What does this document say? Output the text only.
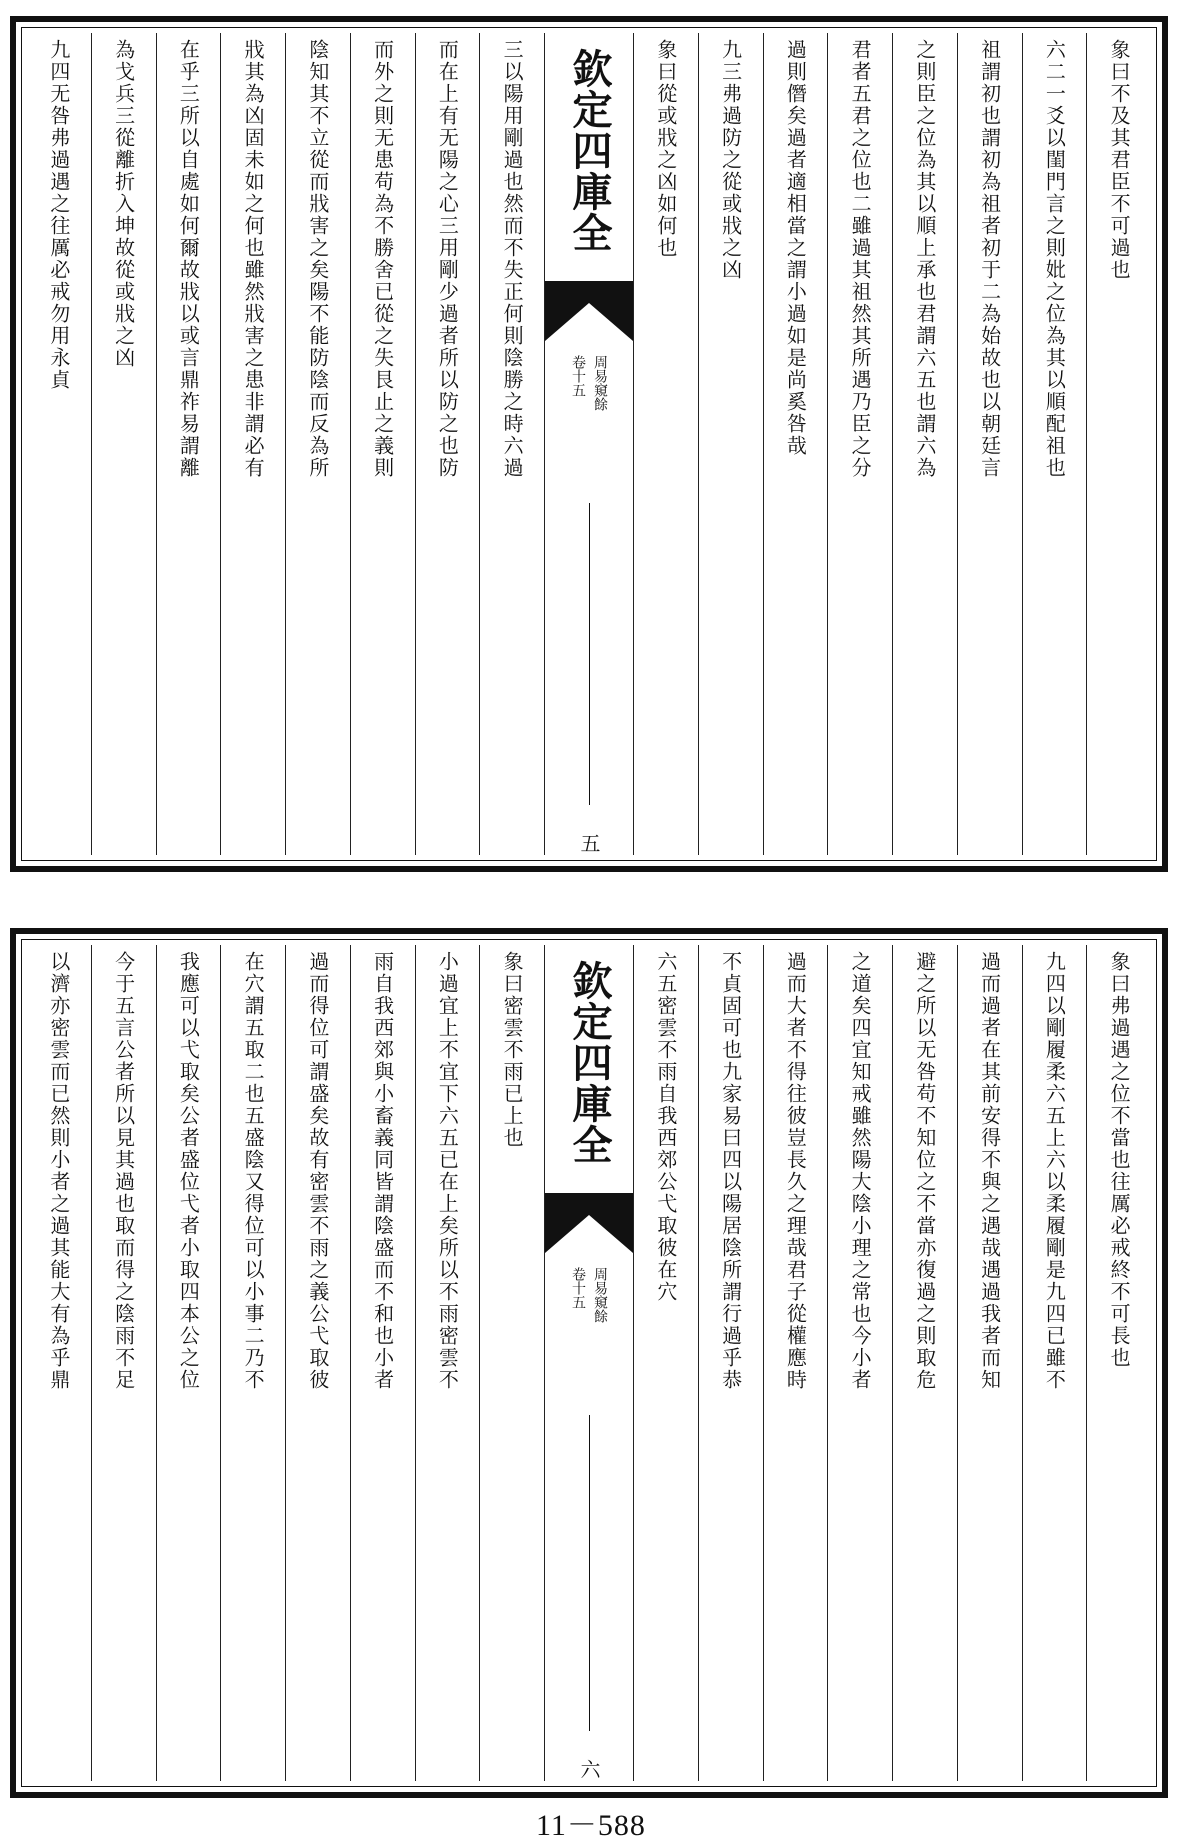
象曰不及其君臣不可過也
六二一爻以閨門言之則妣之位為其以順配祖也
祖謂初也謂初為祖者初于二為始故也以朝廷言
之則臣之位為其以順上承也君謂六五也謂六為
君者五君之位也二雖過其祖然其所遇乃臣之分
過則僭矣過者適相當之謂小過如是尚奚咎哉
九三弗過防之從或戕之凶
象曰從或戕之凶如何也
欽定四庫全
周易窺餘
卷十五
五
三以陽用剛過也然而不失正何則陰勝之時六過
而在上有无陽之心三用剛少過者所以防之也防
而外之則无患苟為不勝舍已從之失艮止之義則
陰知其不立從而戕害之矣陽不能防陰而反為所
戕其為凶固未如之何也雖然戕害之患非謂必有
在乎三所以自處如何爾故戕以或言鼎祚易謂離
為戈兵三從離折入坤故從或戕之凶
九四无咎弗過遇之往厲必戒勿用永貞
象曰弗過遇之位不當也往厲必戒終不可長也
九四以剛履柔六五上六以柔履剛是九四已雖不
過而過者在其前安得不與之遇哉遇過我者而知
避之所以无咎苟不知位之不當亦復過之則取危
之道矣四宜知戒雖然陽大陰小理之常也今小者
過而大者不得往彼豈長久之理哉君子從權應時
不貞固可也九家易曰四以陽居陰所謂行過乎恭
六五密雲不雨自我西郊公弋取彼在穴
欽定四庫全
周易窺餘
卷十五
六
象曰密雲不雨已上也
小過宜上不宜下六五已在上矣所以不雨密雲不
雨自我西郊與小畜義同皆謂陰盛而不和也小者
過而得位可謂盛矣故有密雲不雨之義公弋取彼
在穴謂五取二也五盛陰又得位可以小事二乃不
我應可以弋取矣公者盛位弋者小取四本公之位
今于五言公者所以見其過也取而得之陰雨不足
以濟亦密雲而已然則小者之過其能大有為乎鼎
11－588
